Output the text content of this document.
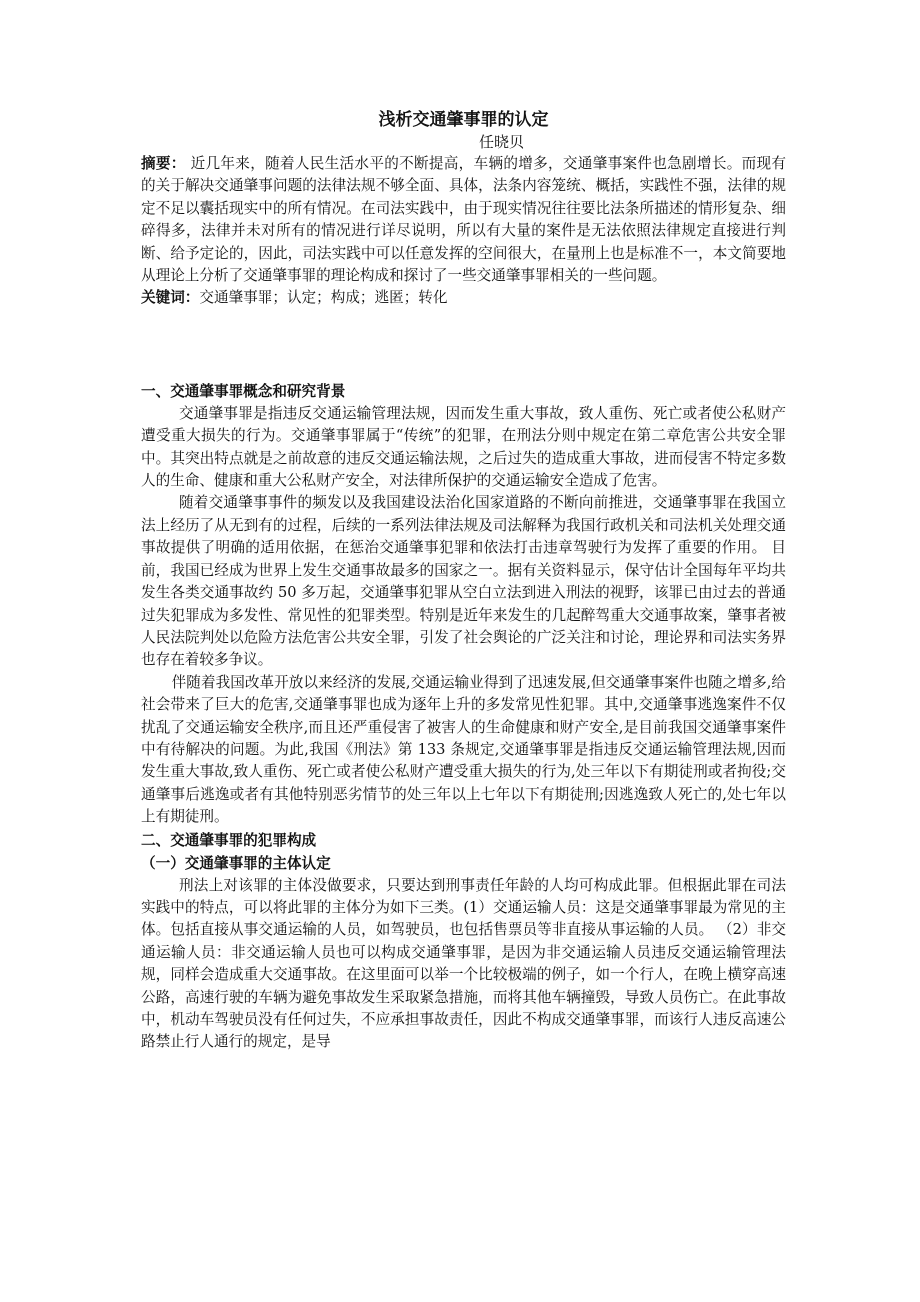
浅析交通肇事罪的认定
任晓贝

摘要： 近几年来，随着人民生活水平的不断提高，车辆的增多，交通肇事案件也急剧增长。而现有的关于解决交通肇事问题的法律法规不够全面、具体，法条内容笼统、概括，实践性不强，法律的规定不足以囊括现实中的所有情况。在司法实践中，由于现实情况往往要比法条所描述的情形复杂、细碎得多，法律并未对所有的情况进行详尽说明，所以有大量的案件是无法依照法律规定直接进行判断、给予定论的，因此，司法实践中可以任意发挥的空间很大，在量刑上也是标准不一，本文简要地从理论上分析了交通肇事罪的理论构成和探讨了一些交通肇事罪相关的一些问题。

关键词：交通肇事罪；认定；构成；逃匿；转化

一、交通肇事罪概念和研究背景

交通肇事罪是指违反交通运输管理法规，因而发生重大事故，致人重伤、死亡或者使公私财产遭受重大损失的行为。交通肇事罪属于“传统”的犯罪，在刑法分则中规定在第二章危害公共安全罪中。其突出特点就是之前故意的违反交通运输法规，之后过失的造成重大事故，进而侵害不特定多数人的生命、健康和重大公私财产安全，对法律所保护的交通运输安全造成了危害。

随着交通肇事事件的频发以及我国建设法治化国家道路的不断向前推进，交通肇事罪在我国立法上经历了从无到有的过程，后续的一系列法律法规及司法解释为我国行政机关和司法机关处理交通事故提供了明确的适用依据，在惩治交通肇事犯罪和依法打击违章驾驶行为发挥了重要的作用。 目前，我国已经成为世界上发生交通事故最多的国家之一。据有关资料显示，保守估计全国每年平均共发生各类交通事故约 50 多万起，交通肇事犯罪从空白立法到进入刑法的视野，该罪已由过去的普通过失犯罪成为多发性、常见性的犯罪类型。特别是近年来发生的几起醉驾重大交通事故案，肇事者被人民法院判处以危险方法危害公共安全罪，引发了社会舆论的广泛关注和讨论，理论界和司法实务界也存在着较多争议。

伴随着我国改革开放以来经济的发展,交通运输业得到了迅速发展,但交通肇事案件也随之增多,给社会带来了巨大的危害,交通肇事罪也成为逐年上升的多发常见性犯罪。其中,交通肇事逃逸案件不仅扰乱了交通运输安全秩序,而且还严重侵害了被害人的生命健康和财产安全,是目前我国交通肇事案件中有待解决的问题。为此,我国《刑法》第 133 条规定,交通肇事罪是指违反交通运输管理法规,因而发生重大事故,致人重伤、死亡或者使公私财产遭受重大损失的行为,处三年以下有期徒刑或者拘役;交通肇事后逃逸或者有其他特别恶劣情节的处三年以上七年以下有期徒刑;因逃逸致人死亡的,处七年以上有期徒刑。

二、交通肇事罪的犯罪构成
（一）交通肇事罪的主体认定

刑法上对该罪的主体没做要求，只要达到刑事责任年龄的人均可构成此罪。但根据此罪在司法实践中的特点，可以将此罪的主体分为如下三类。(1）交通运输人员：这是交通肇事罪最为常见的主体。包括直接从事交通运输的人员，如驾驶员，也包括售票员等非直接从事运输的人员。 （2）非交通运输人员：非交通运输人员也可以构成交通肇事罪，是因为非交通运输人员违反交通运输管理法规，同样会造成重大交通事故。在这里面可以举一个比较极端的例子，如一个行人，在晚上横穿高速公路，高速行驶的车辆为避免事故发生采取紧急措施，而将其他车辆撞毁，导致人员伤亡。在此事故中，机动车驾驶员没有任何过失，不应承担事故责任，因此不构成交通肇事罪，而该行人违反高速公路禁止行人通行的规定，是导
